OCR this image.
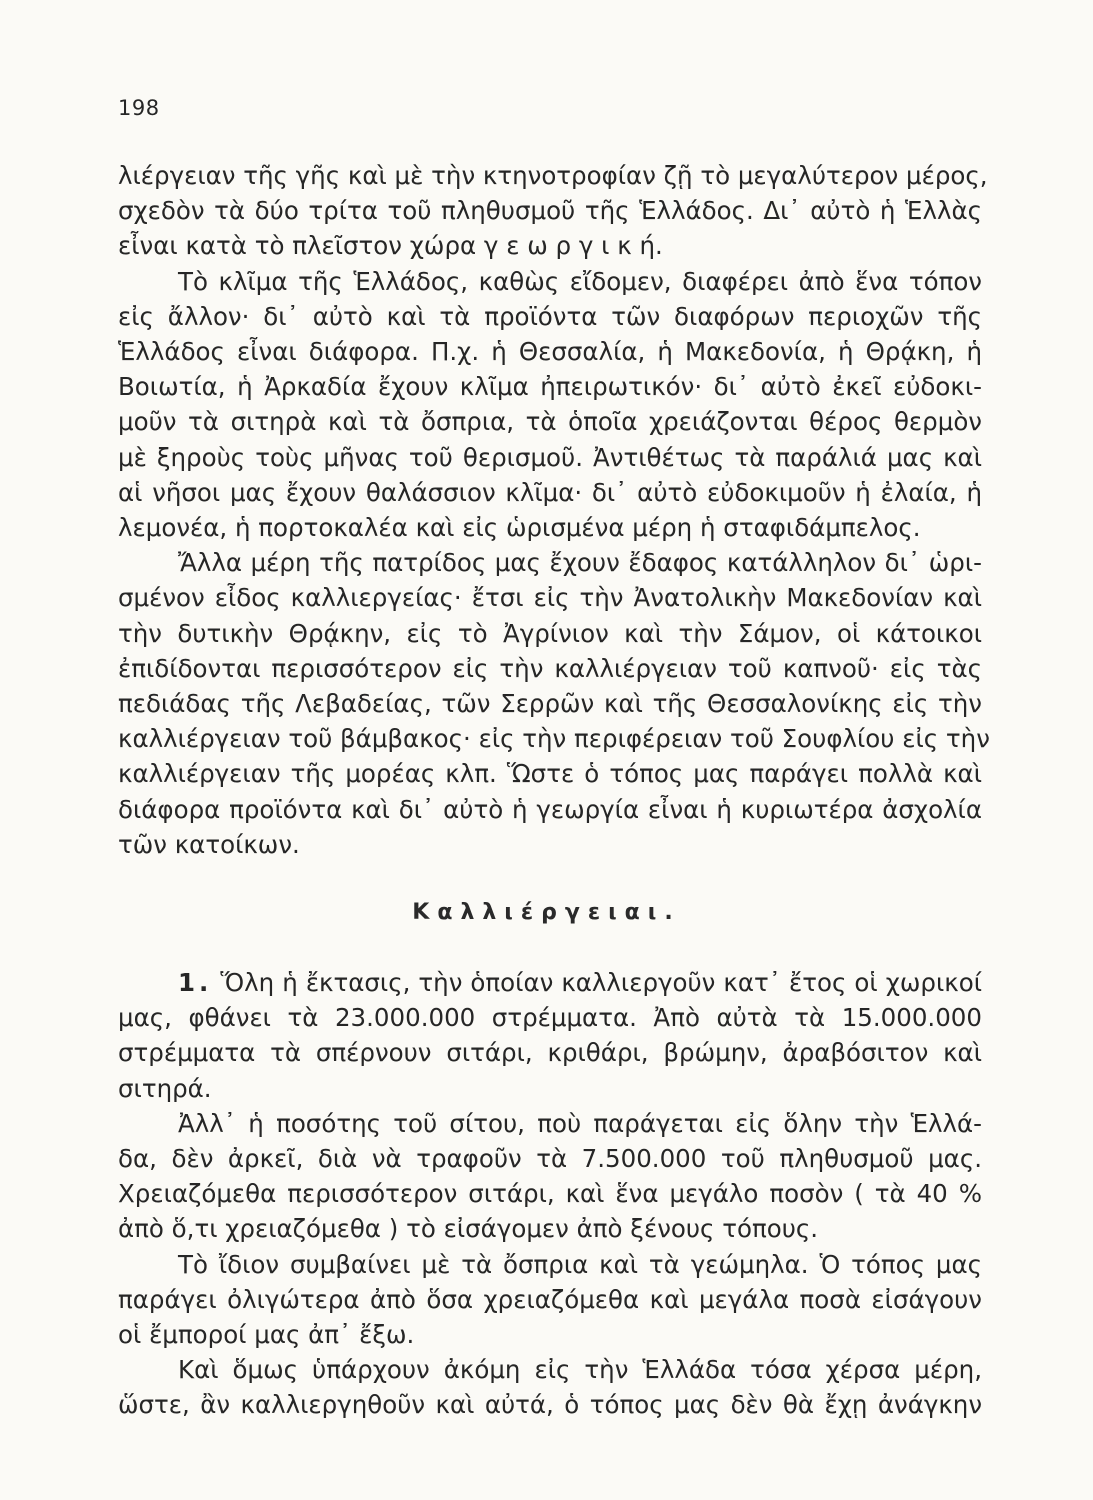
198
λιέργειαν τῆς γῆς καὶ μὲ τὴν κτηνοτροφίαν ζῇ τὸ μεγαλύτερον μέρος,
σχεδὸν τὰ δύο τρίτα τοῦ πληθυσμοῦ τῆς Ἑλλάδος. Δι᾽ αὐτὸ ἡ Ἑλλὰς
εἶναι κατὰ τὸ πλεῖστον χώρα γ ε ω ρ γ ι κ ή.
Τὸ κλῖμα τῆς Ἑλλάδος, καθὼς εἴδομεν, διαφέρει ἀπὸ ἕνα τόπον
εἰς ἄλλον· δι᾽ αὐτὸ καὶ τὰ προϊόντα τῶν διαφόρων περιοχῶν τῆς
Ἑλλάδος εἶναι διάφορα. Π.χ. ἡ Θεσσαλία, ἡ Μακεδονία, ἡ Θρᾴκη, ἡ
Βοιωτία, ἡ Ἀρκαδία ἔχουν κλῖμα ἠπειρωτικόν· δι᾽ αὐτὸ ἐκεῖ εὐδοκι-
μοῦν τὰ σιτηρὰ καὶ τὰ ὄσπρια, τὰ ὁποῖα χρειάζονται θέρος θερμὸν
μὲ ξηροὺς τοὺς μῆνας τοῦ θερισμοῦ. Ἀντιθέτως τὰ παράλιά μας καὶ
αἱ νῆσοι μας ἔχουν θαλάσσιον κλῖμα· δι᾽ αὐτὸ εὐδοκιμοῦν ἡ ἐλαία, ἡ
λεμονέα, ἡ πορτοκαλέα καὶ εἰς ὡρισμένα μέρη ἡ σταφιδάμπελος.
Ἄλλα μέρη τῆς πατρίδος μας ἔχουν ἔδαφος κατάλληλον δι᾽ ὡρι-
σμένον εἶδος καλλιεργείας· ἔτσι εἰς τὴν Ἀνατολικὴν Μακεδονίαν καὶ
τὴν δυτικὴν Θρᾴκην, εἰς τὸ Ἀγρίνιον καὶ τὴν Σάμον, οἱ κάτοικοι
ἐπιδίδονται περισσότερον εἰς τὴν καλλιέργειαν τοῦ καπνοῦ· εἰς τὰς
πεδιάδας τῆς Λεβαδείας, τῶν Σερρῶν καὶ τῆς Θεσσαλονίκης εἰς τὴν
καλλιέργειαν τοῦ βάμβακος· εἰς τὴν περιφέρειαν τοῦ Σουφλίου εἰς τὴν
καλλιέργειαν τῆς μορέας κλπ. Ὥστε ὁ τόπος μας παράγει πολλὰ καὶ
διάφορα προϊόντα καὶ δι᾽ αὐτὸ ἡ γεωργία εἶναι ἡ κυριωτέρα ἀσχολία
τῶν κατοίκων.
Καλλιέργειαι.
1. Ὅλη ἡ ἔκτασις, τὴν ὁποίαν καλλιεργοῦν κατ᾽ ἔτος οἱ χωρικοί
μας, φθάνει τὰ 23.000.000 στρέμματα. Ἀπὸ αὐτὰ τὰ 15.000.000
στρέμματα τὰ σπέρνουν σιτάρι, κριθάρι, βρώμην, ἀραβόσιτον καὶ
σιτηρά.
Ἀλλ᾽ ἡ ποσότης τοῦ σίτου, ποὺ παράγεται εἰς ὅλην τὴν Ἑλλά-
δα, δὲν ἀρκεῖ, διὰ νὰ τραφοῦν τὰ 7.500.000 τοῦ πληθυσμοῦ μας.
Χρειαζόμεθα περισσότερον σιτάρι, καὶ ἕνα μεγάλο ποσὸν ( τὰ 40 %
ἀπὸ ὅ,τι χρειαζόμεθα ) τὸ εἰσάγομεν ἀπὸ ξένους τόπους.
Τὸ ἴδιον συμβαίνει μὲ τὰ ὄσπρια καὶ τὰ γεώμηλα. Ὁ τόπος μας
παράγει ὀλιγώτερα ἀπὸ ὅσα χρειαζόμεθα καὶ μεγάλα ποσὰ εἰσάγουν
οἱ ἔμποροί μας ἀπ᾽ ἔξω.
Καὶ ὅμως ὑπάρχουν ἀκόμη εἰς τὴν Ἑλλάδα τόσα χέρσα μέρη,
ὥστε, ἂν καλλιεργηθοῦν καὶ αὐτά, ὁ τόπος μας δὲν θὰ ἔχῃ ἀνάγκην
